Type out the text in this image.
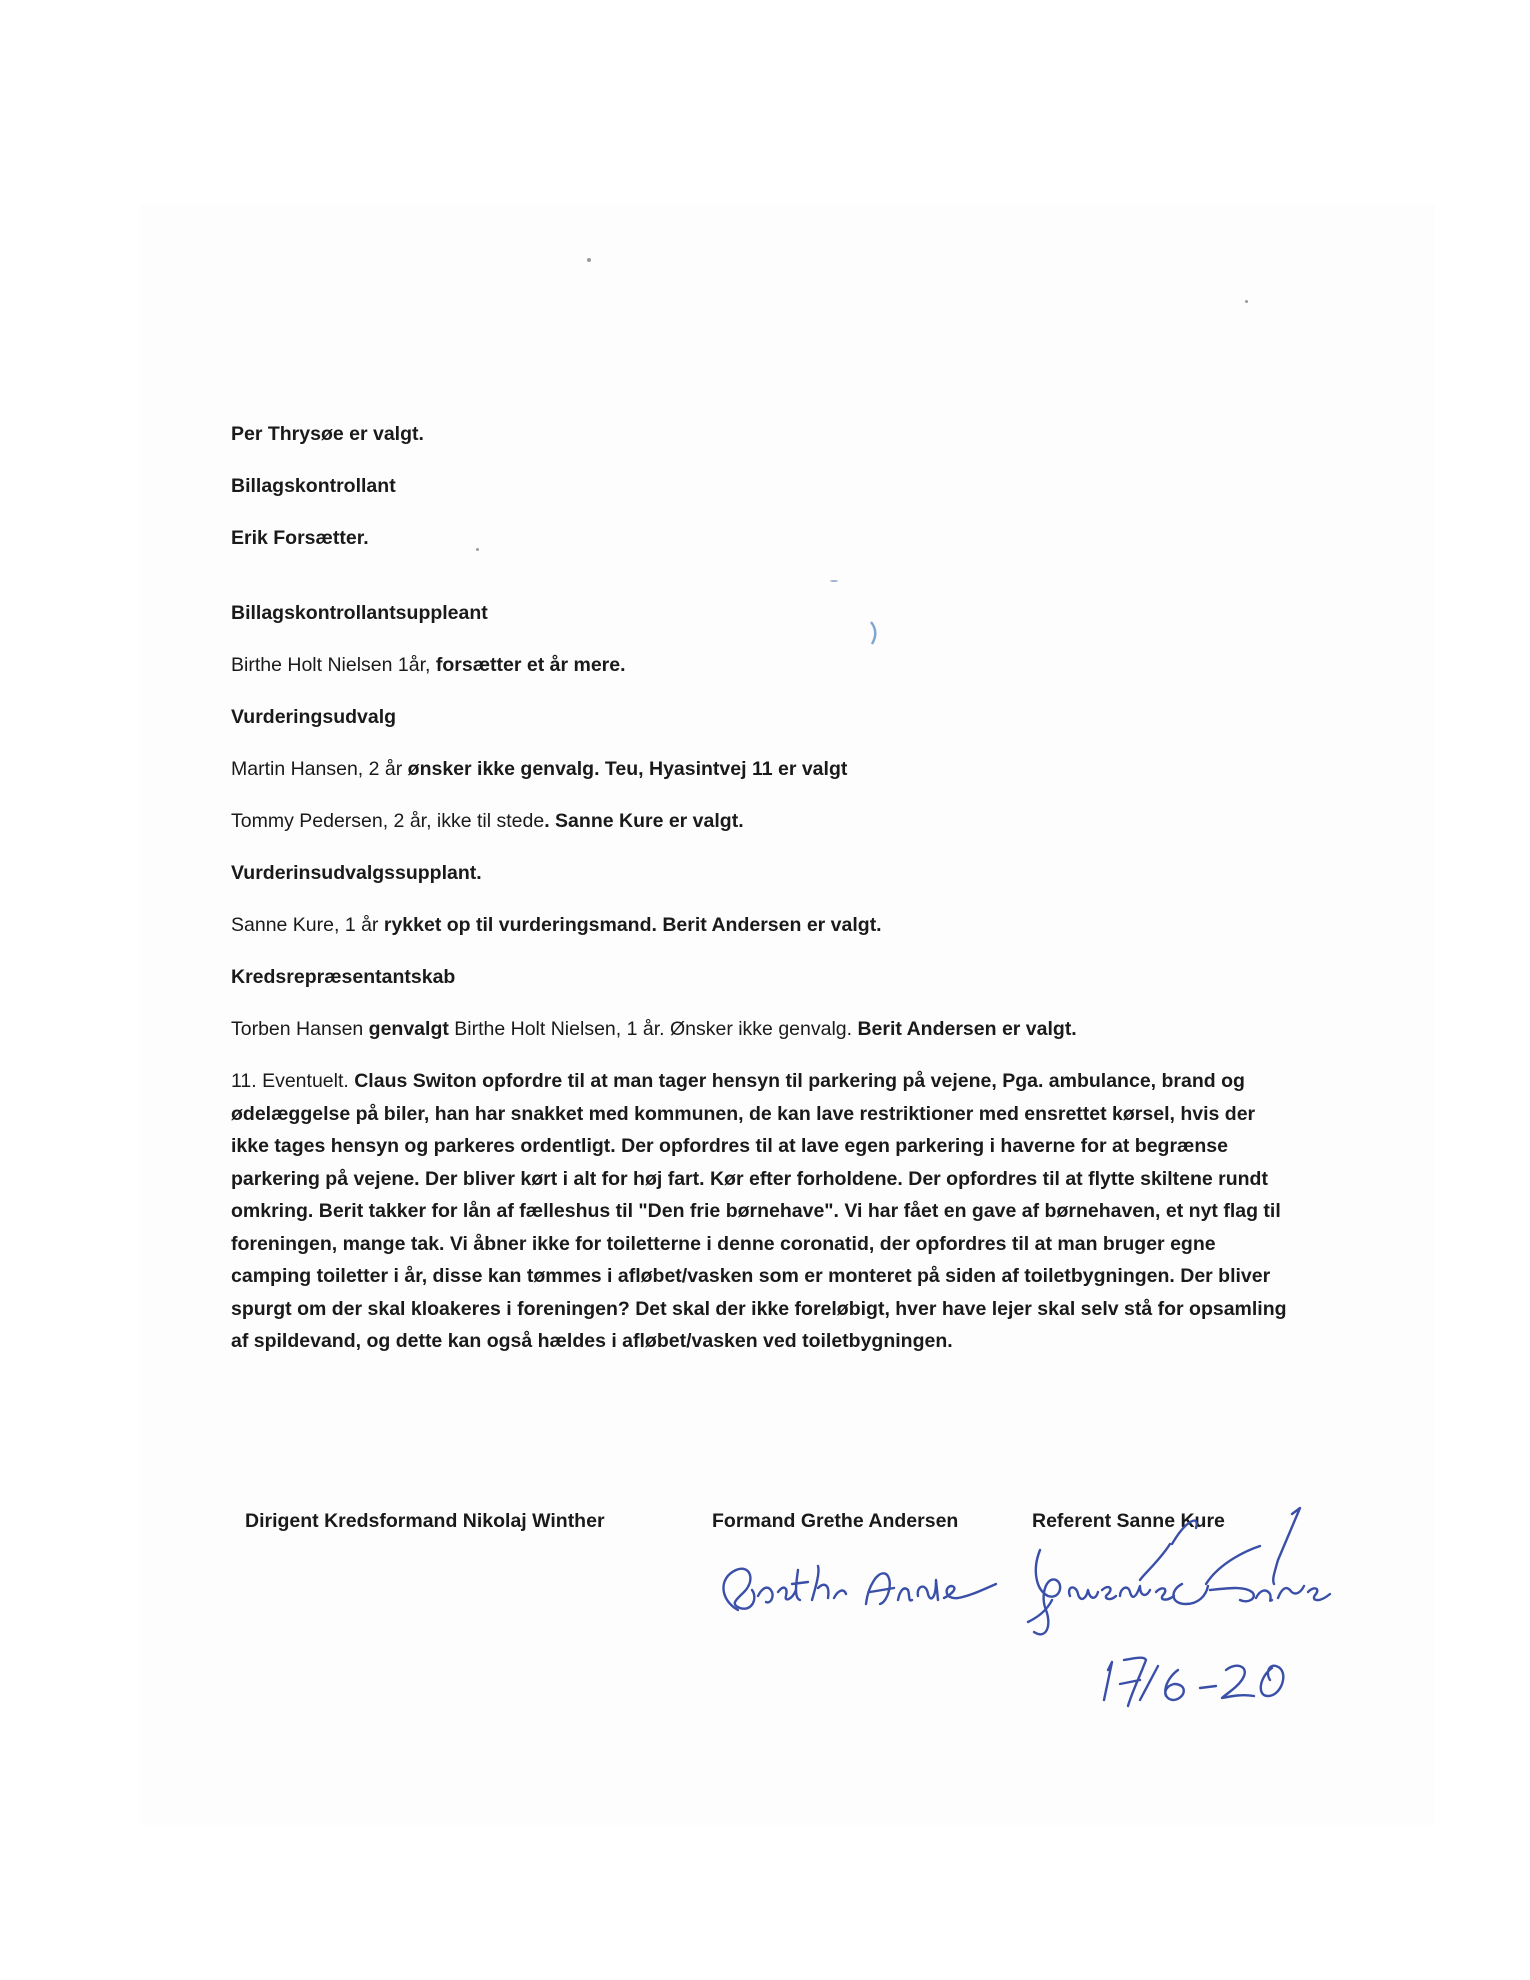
Per Thrysøe er valgt.

Billagskontrollant

Erik Forsætter.

Billagskontrollantsuppleant

Birthe Holt Nielsen 1år, forsætter et år mere.

Vurderingsudvalg

Martin Hansen, 2 år ønsker ikke genvalg. Teu, Hyasintvej 11 er valgt

Tommy Pedersen, 2 år, ikke til stede. Sanne Kure er valgt.

Vurderinsudvalgssupplant.

Sanne Kure, 1 år rykket op til vurderingsmand. Berit Andersen er valgt.

Kredsrepræsentantskab

Torben Hansen genvalgt Birthe Holt Nielsen, 1 år. Ønsker ikke genvalg. Berit Andersen er valgt.

11. Eventuelt. Claus Switon opfordre til at man tager hensyn til parkering på vejene, Pga. ambulance, brand og ødelæggelse på biler, han har snakket med kommunen, de kan lave restriktioner med ensrettet kørsel, hvis der ikke tages hensyn og parkeres ordentligt. Der opfordres til at lave egen parkering i haverne for at begrænse parkering på vejene. Der bliver kørt i alt for høj fart. Kør efter forholdene. Der opfordres til at flytte skiltene rundt omkring. Berit takker for lån af fælleshus til "Den frie børnehave". Vi har fået en gave af børnehaven, et nyt flag til foreningen, mange tak. Vi åbner ikke for toiletterne i denne coronatid, der opfordres til at man bruger egne camping toiletter i år, disse kan tømmes i afløbet/vasken som er monteret på siden af toiletbygningen. Der bliver spurgt om der skal kloakeres i foreningen? Det skal der ikke foreløbigt, hver have lejer skal selv stå for opsamling af spildevand, og dette kan også hældes i afløbet/vasken ved toiletbygningen.

Dirigent Kredsformand Nikolaj Winther	Formand Grethe Andersen	Referent Sanne Kure
